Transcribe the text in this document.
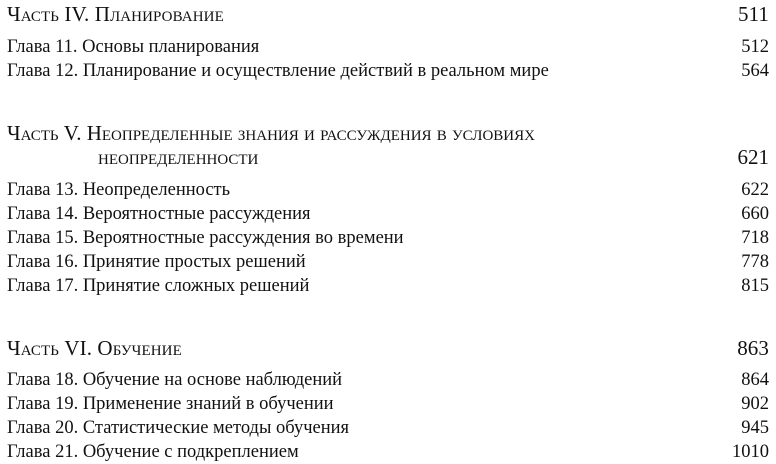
Часть IV. Планирование	511
Глава 11. Основы планирования	512
Глава 12. Планирование и осуществление действий в реальном мире	564
Часть V. Неопределенные знания и рассуждения в условиях
неопределенности	621
Глава 13. Неопределенность	622
Глава 14. Вероятностные рассуждения	660
Глава 15. Вероятностные рассуждения во времени	718
Глава 16. Принятие простых решений	778
Глава 17. Принятие сложных решений	815
Часть VI. Обучение	863
Глава 18. Обучение на основе наблюдений	864
Глава 19. Применение знаний в обучении	902
Глава 20. Статистические методы обучения	945
Глава 21. Обучение с подкреплением	1010
